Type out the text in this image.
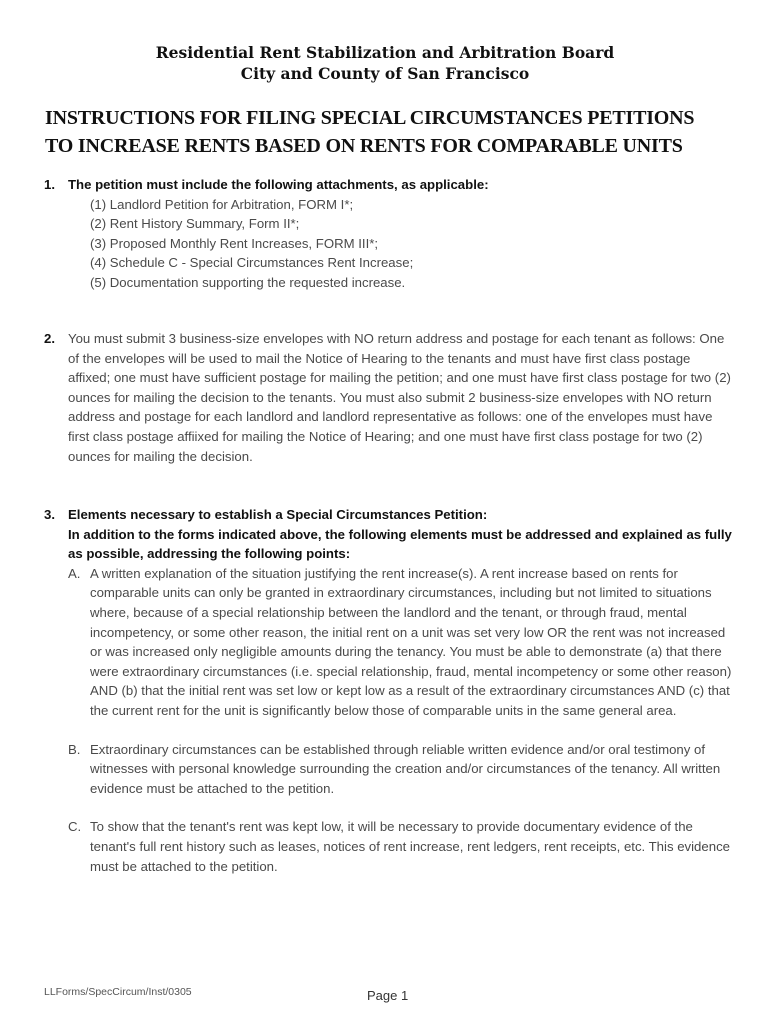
Residential Rent Stabilization and Arbitration Board
City and County of San Francisco
INSTRUCTIONS FOR FILING SPECIAL CIRCUMSTANCES PETITIONS
TO INCREASE RENTS BASED ON RENTS FOR COMPARABLE UNITS
1. The petition must include the following attachments, as applicable:
(1) Landlord Petition for Arbitration, FORM I*;
(2) Rent History Summary, Form II*;
(3) Proposed Monthly Rent Increases, FORM III*;
(4) Schedule C - Special Circumstances Rent Increase;
(5) Documentation supporting the requested increase.
2. You must submit 3 business-size envelopes with NO return address and postage for each tenant as follows: One of the envelopes will be used to mail the Notice of Hearing to the tenants and must have first class postage affixed; one must have sufficient postage for mailing the petition; and one must have first class postage for two (2) ounces for mailing the decision to the tenants. You must also submit 2 business-size envelopes with NO return address and postage for each landlord and landlord representative as follows: one of the envelopes must have first class postage affiixed for mailing the Notice of Hearing; and one must have first class postage for two (2) ounces for mailing the decision.
3. Elements necessary to establish a Special Circumstances Petition:
In addition to the forms indicated above, the following elements must be addressed and explained as fully as possible, addressing the following points:
A. A written explanation of the situation justifying the rent increase(s). A rent increase based on rents for comparable units can only be granted in extraordinary circumstances, including but not limited to situations where, because of a special relationship between the landlord and the tenant, or through fraud, mental incompetency, or some other reason, the initial rent on a unit was set very low OR the rent was not increased or was increased only negligible amounts during the tenancy. You must be able to demonstrate (a) that there were extraordinary circumstances (i.e. special relationship, fraud, mental incompetency or some other reason) AND (b) that the initial rent was set low or kept low as a result of the extraordinary circumstances AND (c) that the current rent for the unit is significantly below those of comparable units in the same general area.
B. Extraordinary circumstances can be established through reliable written evidence and/or oral testimony of witnesses with personal knowledge surrounding the creation and/or circumstances of the tenancy. All written evidence must be attached to the petition.
C. To show that the tenant's rent was kept low, it will be necessary to provide documentary evidence of the tenant's full rent history such as leases, notices of rent increase, rent ledgers, rent receipts, etc. This evidence must be attached to the petition.
LLForms/SpecCircum/Inst/0305	Page 1
